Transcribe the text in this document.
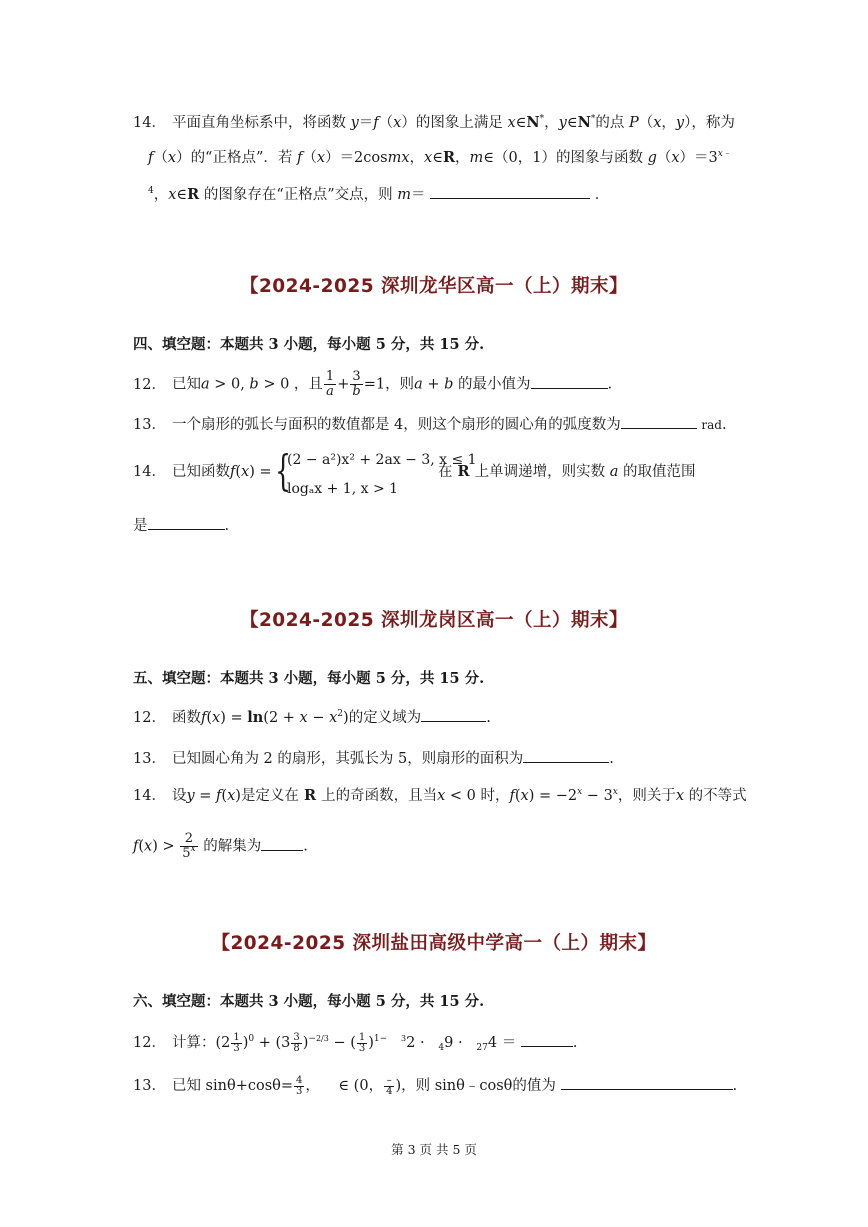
14． 平面直角坐标系中，将函数 y＝f（x）的图象上满足 x∈N*，y∈N*的点 P（x，y），称为
f（x）的“正格点”．若 f（x）＝2cosmx，x∈R，m∈（0，1）的图象与函数 $g(x)=3^{x﹣}$
$^4$，x∈R 的图象存在“正格点”交点，则 m＝	．
【2024-2025 深圳龙华区高一（上）期末】
四、填空题：本题共 3 小题，每小题 5 分，共 15 分.
12． 已知a > 0, b > 0 ，且 $\frac{1}{a} + \frac{3}{b} =1$，则a + b 的最小值为	.
13． 一个扇形的弧长与面积的数值都是 4，则这个扇形的圆心角的弧度数为	rad.
14． 已知函数f(x) = {
(2 − a²)x² + 2ax − 3, x ≤ 1
logₐx + 1, x > 1
在 R 上单调递增，则实数 a 的取值范围
是	.
【2024-2025 深圳龙岗区高一（上）期末】
五、填空题：本题共 3 小题，每小题 5 分，共 15 分.
12． 函数$f(x) = \ln(2 + x - x^2)$的定义域为	.
13． 已知圆心角为 2 的扇形，其弧长为 5，则扇形的面积为	.
14． 设y = f(x)是定义在 R 上的奇函数，且当x < 0 时，$f(x) = -2^x - 3^x$，则关于x 的不等式
$f(x) > \frac{2}{5^x}$ 的解集为	.
【2024-2025 深圳盐田高级中学高一（上）期末】
六、填空题：本题共 3 小题，每小题 5 分，共 15 分.
12． 计算：$(2 \frac{1}{3} )^0 + (3 \frac{3}{8} )^{-2/3}$ − ( $\frac{1}{3} )^{1-}$ $^3$2 ·   $_4$9 ·   $_{27}$4 ＝	.
13． 已知 $\sin\theta+\cos\theta= \frac{4}{3}$ ， ∈ (0， $\frac{-}{4}$ )，则 sinθ﹣cosθ的值为	.
第 3 页 共 5 页
